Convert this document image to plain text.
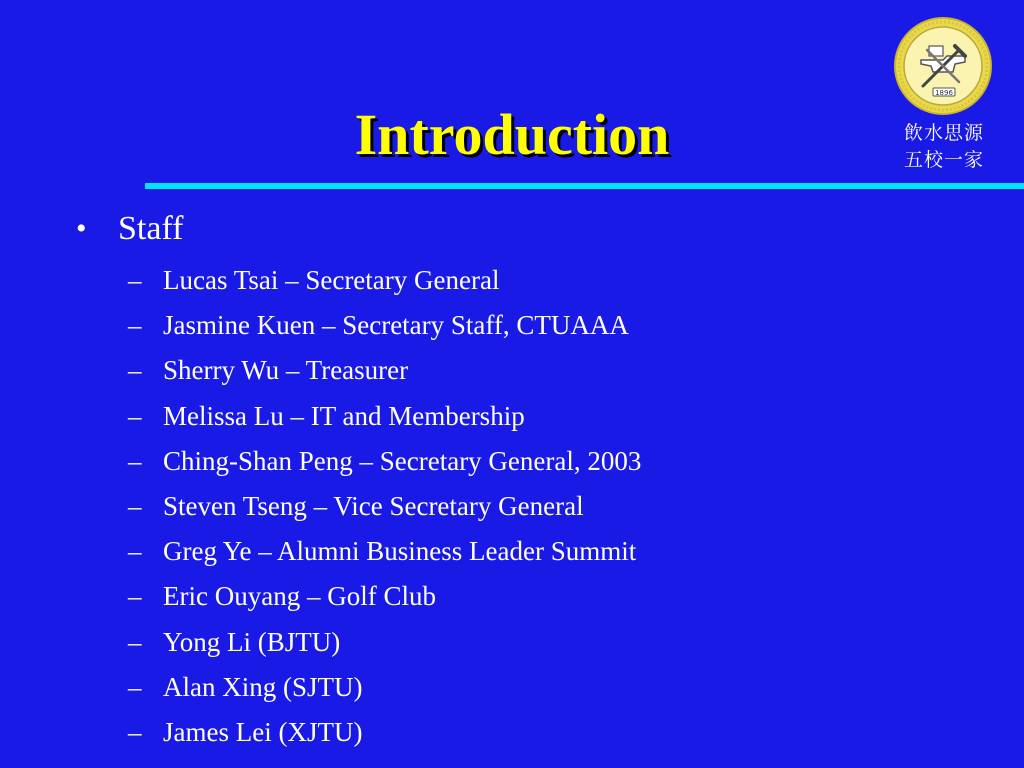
Introduction
1896
飲水思源
五校一家
• Staff
– Lucas Tsai – Secretary General
– Jasmine Kuen – Secretary Staff, CTUAAA
– Sherry Wu – Treasurer
– Melissa Lu – IT and Membership
– Ching-Shan Peng – Secretary General, 2003
– Steven Tseng – Vice Secretary General
– Greg Ye – Alumni Business Leader Summit
– Eric Ouyang – Golf Club
– Yong Li (BJTU)
– Alan Xing (SJTU)
– James Lei (XJTU)
